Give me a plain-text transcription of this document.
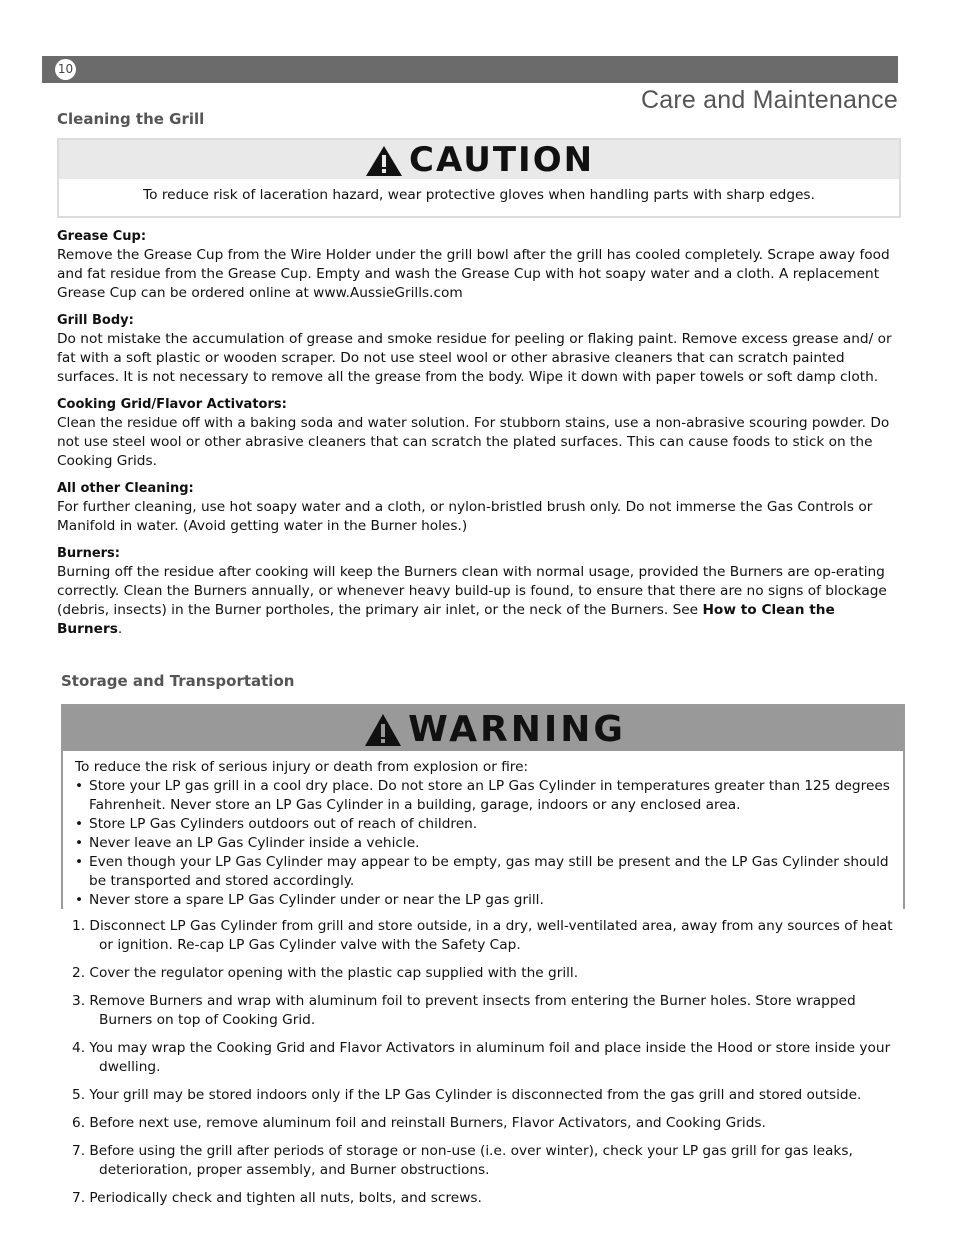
10
Care and Maintenance
Cleaning the Grill
CAUTION

To reduce risk of laceration hazard, wear protective gloves when handling parts with sharp edges.

Grease Cup:

Remove the Grease Cup from the Wire Holder under the grill bowl after the grill has cooled completely. Scrape away food and fat residue from the Grease Cup. Empty and wash the Grease Cup with hot soapy water and a cloth. A replacement Grease Cup can be ordered online at www.AussieGrills.com

Grill Body:

Do not mistake the accumulation of grease and smoke residue for peeling or flaking paint. Remove excess grease and/ or fat with a soft plastic or wooden scraper. Do not use steel wool or other abrasive cleaners that can scratch painted surfaces. It is not necessary to remove all the grease from the body. Wipe it down with paper towels or soft damp cloth.

Cooking Grid/Flavor Activators:

Clean the residue off with a baking soda and water solution. For stubborn stains, use a non-abrasive scouring powder. Do not use steel wool or other abrasive cleaners that can scratch the plated surfaces. This can cause foods to stick on the Cooking Grids.

All other Cleaning:

For further cleaning, use hot soapy water and a cloth, or nylon-bristled brush only. Do not immerse the Gas Controls or Manifold in water. (Avoid getting water in the Burner holes.)

Burners:

Burning off the residue after cooking will keep the Burners clean with normal usage, provided the Burners are op-erating correctly. Clean the Burners annually, or whenever heavy build-up is found, to ensure that there are no signs of blockage (debris, insects) in the Burner portholes, the primary air inlet, or the neck of the Burners. See How to Clean the Burners.

Storage and Transportation
WARNING

To reduce the risk of serious injury or death from explosion or fire:

• Store your LP gas grill in a cool dry place. Do not store an LP Gas Cylinder in temperatures greater than 125 degrees Fahrenheit. Never store an LP Gas Cylinder in a building, garage, indoors or any enclosed area.
• Store LP Gas Cylinders outdoors out of reach of children.
• Never leave an LP Gas Cylinder inside a vehicle.
• Even though your LP Gas Cylinder may appear to be empty, gas may still be present and the LP Gas Cylinder should be transported and stored accordingly.
• Never store a spare LP Gas Cylinder under or near the LP gas grill.

1. Disconnect LP Gas Cylinder from grill and store outside, in a dry, well-ventilated area, away from any sources of heat or ignition. Re-cap LP Gas Cylinder valve with the Safety Cap.

2. Cover the regulator opening with the plastic cap supplied with the grill.

3. Remove Burners and wrap with aluminum foil to prevent insects from entering the Burner holes. Store wrapped Burners on top of Cooking Grid.

4. You may wrap the Cooking Grid and Flavor Activators in aluminum foil and place inside the Hood or store inside your dwelling.

5. Your grill may be stored indoors only if the LP Gas Cylinder is disconnected from the gas grill and stored outside.

6. Before next use, remove aluminum foil and reinstall Burners, Flavor Activators, and Cooking Grids.

7. Before using the grill after periods of storage or non-use (i.e. over winter), check your LP gas grill for gas leaks, deterioration, proper assembly, and Burner obstructions.

7. Periodically check and tighten all nuts, bolts, and screws.
